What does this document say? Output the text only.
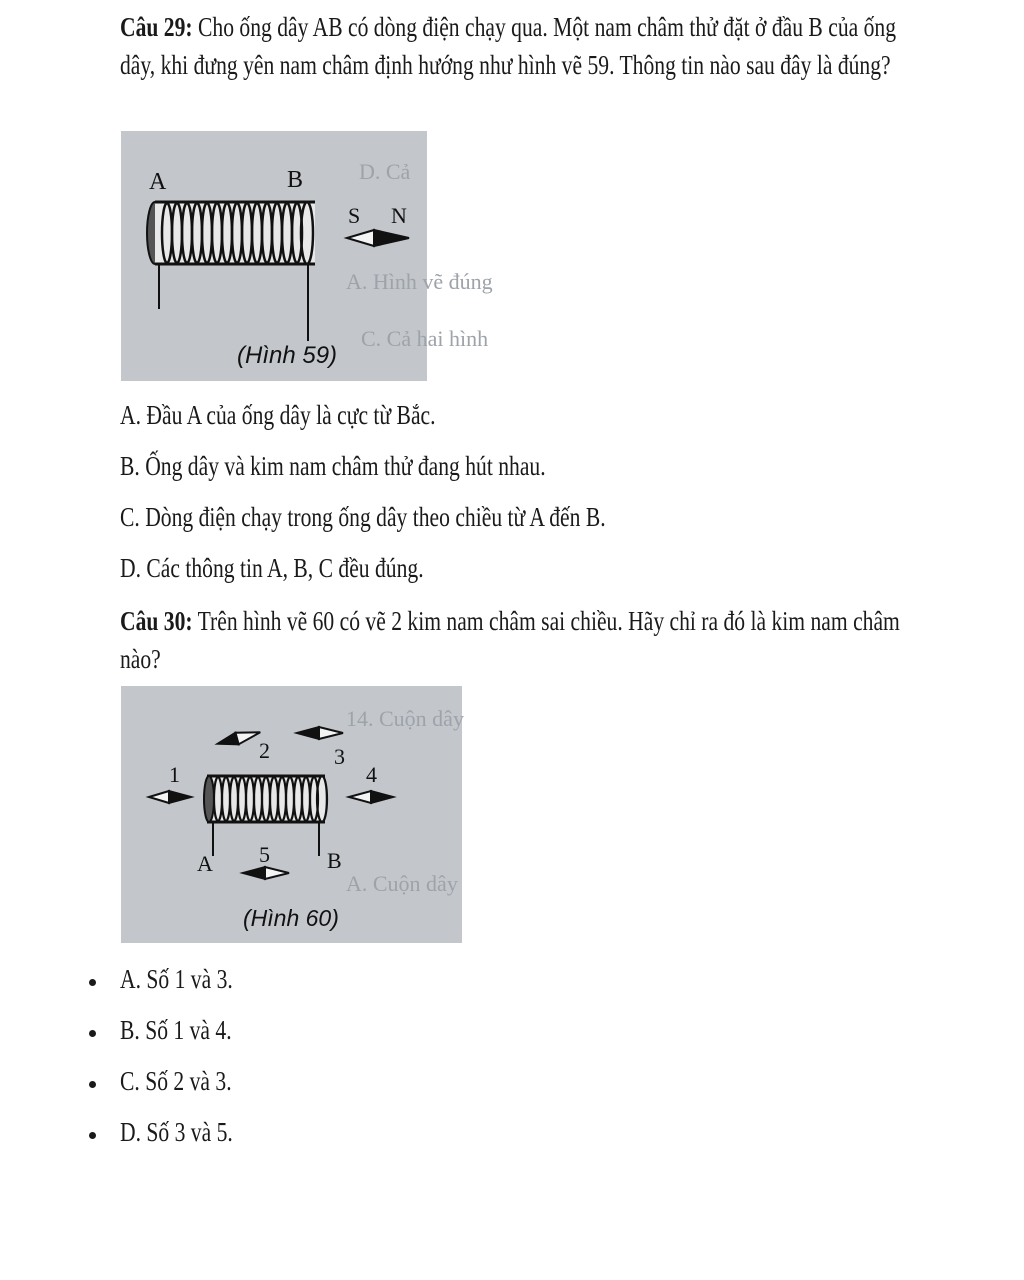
Câu 29: Cho ống dây AB có dòng điện chạy qua. Một nam châm thử đặt ở đầu B của ống dây, khi đưng yên nam châm định hướng như hình vẽ 59. Thông tin nào sau đây là đúng?
D. Cả
A. Hình vẽ đúng
C. Cả hai hình
A	B
S N
(Hình 59)
A. Đầu A của ống dây là cực từ Bắc.
B. Ống dây và kim nam châm thử đang hút nhau.
C. Dòng điện chạy trong ống dây theo chiều từ A đến B.
D. Các thông tin A, B, C đều đúng.
Câu 30: Trên hình vẽ 60 có vẽ 2 kim nam châm sai chiều. Hãy chỉ ra đó là kim nam châm nào?
14. Cuộn dây
A. Cuộn dây
A	B
1
2	3
4
5
(Hình 60)
A. Số 1 và 3.
B. Số 1 và 4.
C. Số 2 và 3.
D. Số 3 và 5.
